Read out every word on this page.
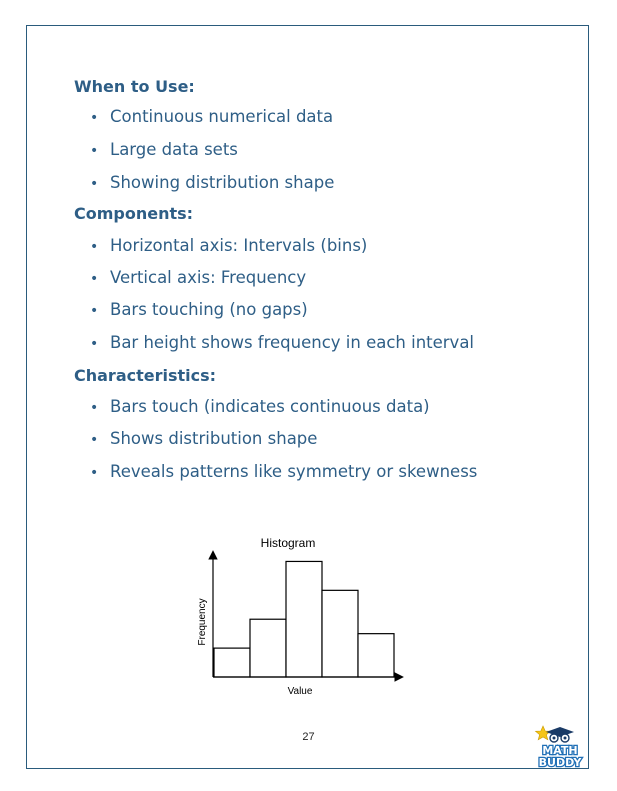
When to Use:
• Continuous numerical data
• Large data sets
• Showing distribution shape
Components:
• Horizontal axis: Intervals (bins)
• Vertical axis: Frequency
• Bars touching (no gaps)
• Bar height shows frequency in each interval
Characteristics:
• Bars touch (indicates continuous data)
• Shows distribution shape
• Reveals patterns like symmetry or skewness
Histogram
Frequency
Value
27
MATH
BUDDY
